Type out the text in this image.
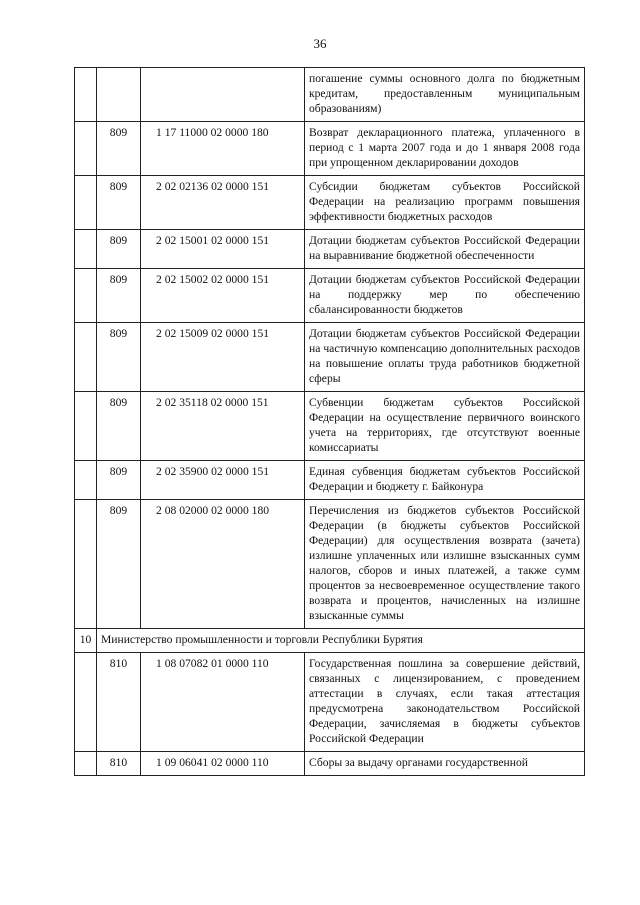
36
			погашение суммы основного долга по бюджетным кредитам, предоставленным муниципальным образованиям)
	809	1 17 11000 02 0000 180	Возврат декларационного платежа, уплаченного в период с 1 марта 2007 года и до 1 января 2008 года при упрощенном декларировании доходов
	809	2 02 02136 02 0000 151	Субсидии бюджетам субъектов Российской Федерации на реализацию программ повышения эффективности бюджетных расходов
	809	2 02 15001 02 0000 151	Дотации бюджетам субъектов Российской Федерации на выравнивание бюджетной обеспеченности
	809	2 02 15002 02 0000 151	Дотации бюджетам субъектов Российской Федерации на поддержку мер по обеспечению сбалансированности бюджетов
	809	2 02 15009 02 0000 151	Дотации бюджетам субъектов Российской Федерации на частичную компенсацию дополнительных расходов на повышение оплаты труда работников бюджетной сферы
	809	2 02 35118 02 0000 151	Субвенции бюджетам субъектов Российской Федерации на осуществление первичного воинского учета на территориях, где отсутствуют военные комиссариаты
	809	2 02 35900 02 0000 151	Единая субвенция бюджетам субъектов Российской Федерации и бюджету г. Байконура
	809	2 08 02000 02 0000 180	Перечисления из бюджетов субъектов Российской Федерации (в бюджеты субъектов Российской Федерации) для осуществления возврата (зачета) излишне уплаченных или излишне взысканных сумм налогов, сборов и иных платежей, а также сумм процентов за несвоевременное осуществление такого возврата и процентов, начисленных на излишне взысканные суммы
10	Министерство промышленности и торговли Республики Бурятия		
	810	1 08 07082 01 0000 110	Государственная пошлина за совершение действий, связанных с лицензированием, с проведением аттестации в случаях, если такая аттестация предусмотрена законодательством Российской Федерации, зачисляемая в бюджеты субъектов Российской Федерации
	810	1 09 06041 02 0000 110	Сборы за выдачу органами государственной
